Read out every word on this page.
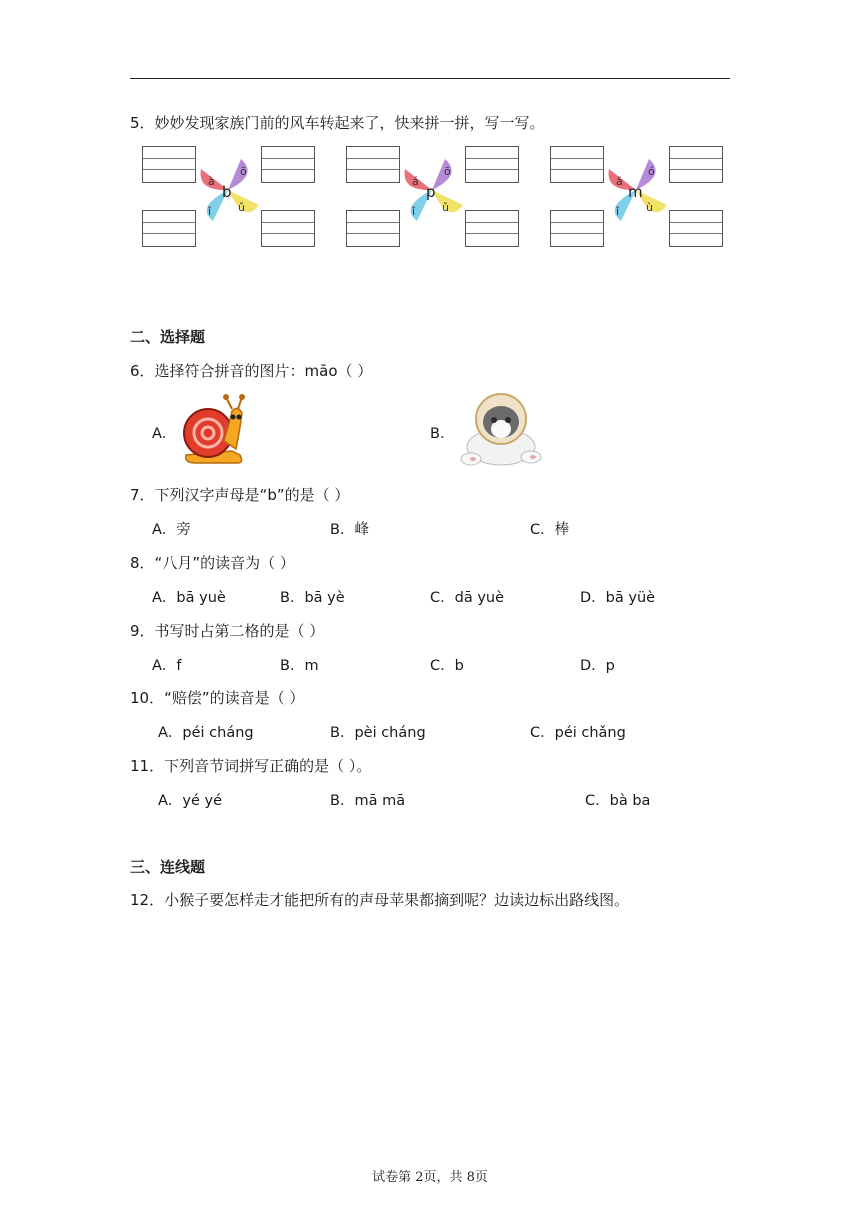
5．妙妙发现家族门前的风车转起来了，快来拼一拼，写一写。
à
ō
ǐ ǔ
b
á
ō
ǐ ǔ
p
ǎ
ó
ǐ ù
m
二、选择题
6．选择符合拼音的图片：māo（ ）
A．	B．
7．下列汉字声母是“b”的是（ ）
A．旁	B．峰	C．棒
8．“八月”的读音为（ ）
A．bā yuè	B．bā yè	C．dā yuè	D．bā yüè
9．书写时占第二格的是（ ）
A．f	B．m	C．b	D．p
10．“赔偿”的读音是（ ）
A．péi cháng	B．pèi cháng	C．péi chǎng
11．下列音节词拼写正确的是（ ）。
A．yé yé	B．mā mā	C．bà ba
三、连线题
12．小猴子要怎样走才能把所有的声母苹果都摘到呢？边读边标出路线图。
试卷第 2页，共 8页
